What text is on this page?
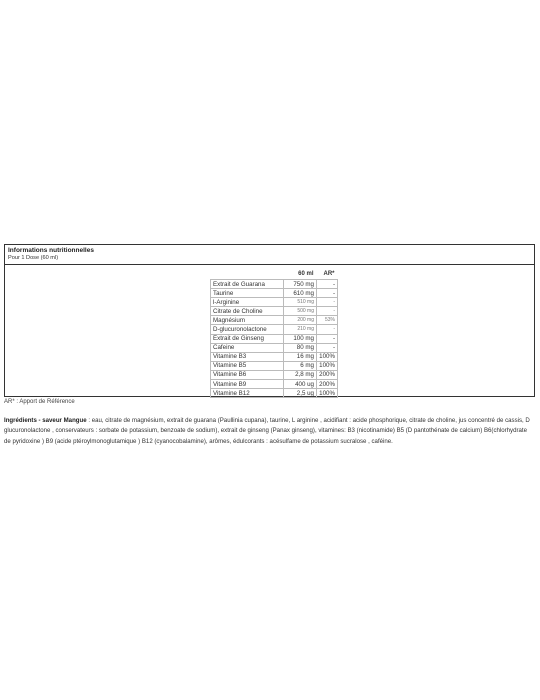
Informations nutritionnelles
Pour 1 Dose (60 ml)
	60 ml	AR*
Extrait de Guarana	750 mg	-
Taurine	610 mg	-
l-Arginine	510 mg	-
Citrate de Choline	500 mg	-
Magnésium	200 mg	53%
D-glucuronolactone	210 mg	-
Extrait de Ginseng	100 mg	-
Cafeine	80 mg	-
Vitamine B3	16 mg	100%
Vitamine B5	6 mg	100%
Vitamine B6	2,8 mg	200%
Vitamine B9	400 ug	200%
Vitamine B12	2,5 ug	100%
AR* : Apport de Référence
Ingrédients - saveur Mangue : eau, citrate de magnésium, extrait de guarana (Paullinia cupana), taurine, L arginine , acidifiant : acide phosphorique, citrate de choline, jus concentré de cassis, D glucuronolactone , conservateurs : sorbate de potassium, benzoate de sodium), extrait de ginseng (Panax ginseng), vitamines: B3 (nicotinamide) B5 (D pantothénate de calcium) B6(chlorhydrate de pyridoxine ) B9 (acide ptéroylmonoglutamique ) B12 (cyanocobalamine), arômes, édulcorants : acésulfame de potassium sucralose , caféine.
